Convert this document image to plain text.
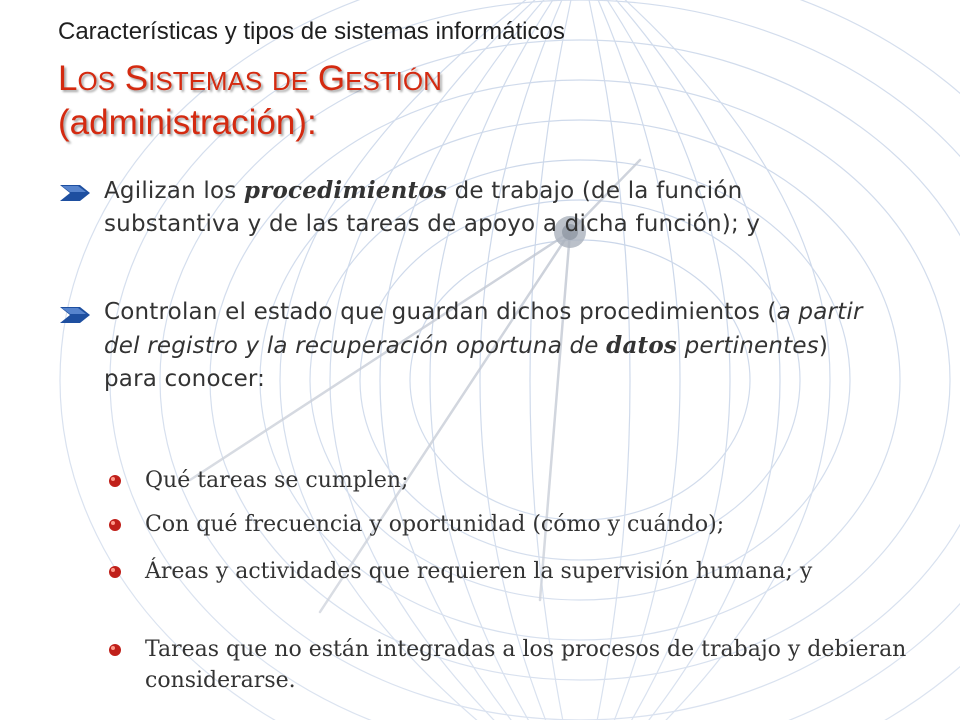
Características y tipos de sistemas informáticos
LOS SISTEMAS DE GESTIÓN
(administración):
Agilizan los procedimientos de trabajo (de la función substantiva y de las tareas de apoyo a dicha función); y
Controlan el estado que guardan dichos procedimientos (a partir del registro y la recuperación oportuna de datos pertinentes) para conocer:
Qué tareas se cumplen;
Con qué frecuencia y oportunidad (cómo y cuándo);
Áreas y actividades que requieren la supervisión humana; y
Tareas que no están integradas a los procesos de trabajo y debieran considerarse.
